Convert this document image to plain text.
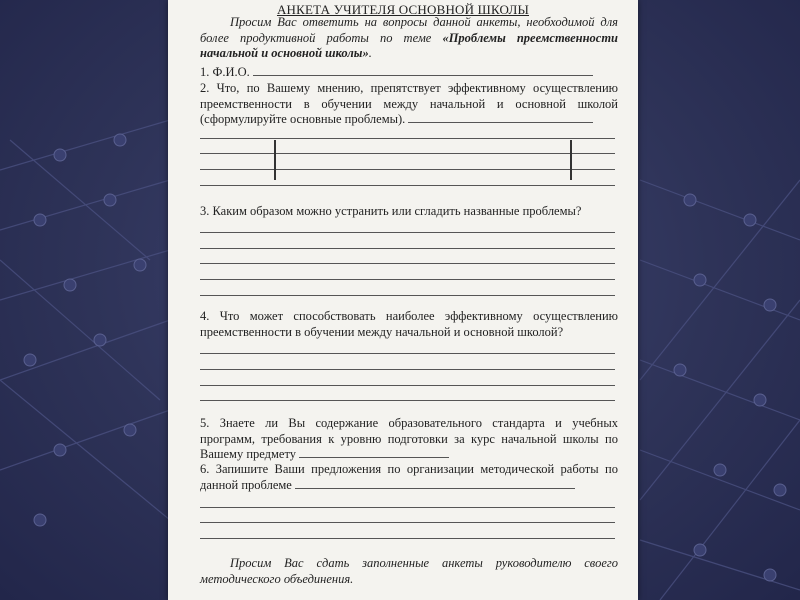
АНКЕТА УЧИТЕЛЯ ОСНОВНОЙ ШКОЛЫ
Просим Вас ответить на вопросы данной анкеты, необходимой для более продуктивной работы по теме «Проблемы преемственности начальной и основной школы».
1. Ф.И.О.
2. Что, по Вашему мнению, препятствует эффективному осуществлению преемственности в обучении между начальной и основной школой (сформулируйте основные проблемы).
3. Каким образом можно устранить или сгладить названные проблемы?
4. Что может способствовать наиболее эффективному осуществлению преемственности в обучении между начальной и основной школой?
5. Знаете ли Вы содержание образовательного стандарта и учебных программ, требования к уровню подготовки за курс начальной школы по Вашему предмету
6. Запишите Ваши предложения по организации методической работы по данной проблеме
Просим Вас сдать заполненные анкеты руководителю своего методического объединения.
